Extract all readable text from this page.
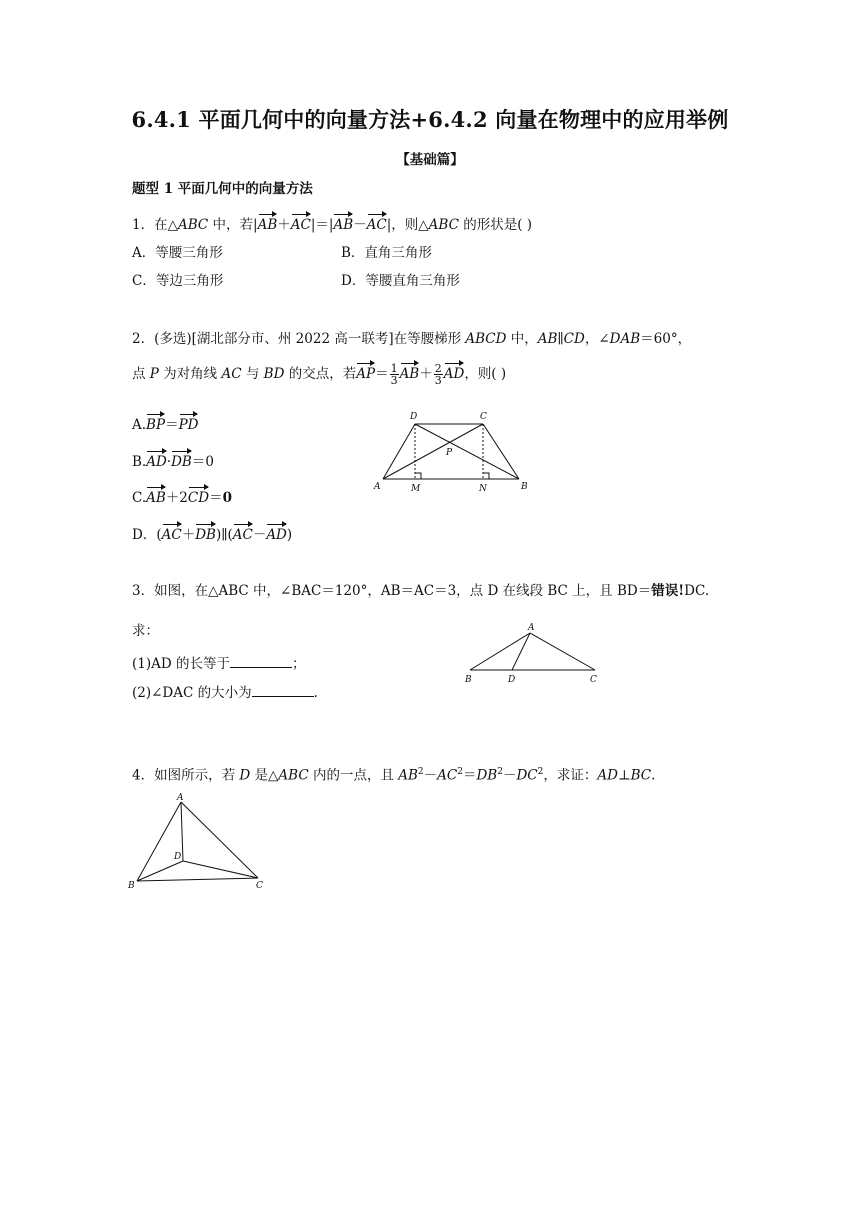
6.4.1 平面几何中的向量方法+6.4.2 向量在物理中的应用举例
【基础篇】
题型 1 平面几何中的向量方法
1．在△ABC 中，若|AB＋AC|＝|AB－AC|，则△ABC 的形状是( )
A．等腰三角形	B．直角三角形
C．等边三角形	D．等腰直角三角形
2．(多选)[湖北部分市、州 2022 高一联考]在等腰梯形 ABCD 中，AB∥CD，∠DAB＝60°，
点 P 为对角线 AC 与 BD 的交点，若$AP= \frac{1}{3} AB+ \frac{2}{3}$ AD，则( )
A.BP＝PD
B.AD·DB＝0
C.AB＋2CD＝0
D．(AC＋DB)∥(AC－AD)
D	C
P
A	M	N	B
3．如图，在△ABC 中，∠BAC＝120°，AB＝AC＝3，点 D 在线段 BC 上，且 BD＝错误!DC.
求：
(1)AD 的长等于	；
(2)∠DAC 的大小为	.
A
B	D	C
4．如图所示，若 D 是△ABC 内的一点，且 $AB^2-AC^2=DB^2-DC^2$，求证：AD⊥BC.
A
D
B	C
